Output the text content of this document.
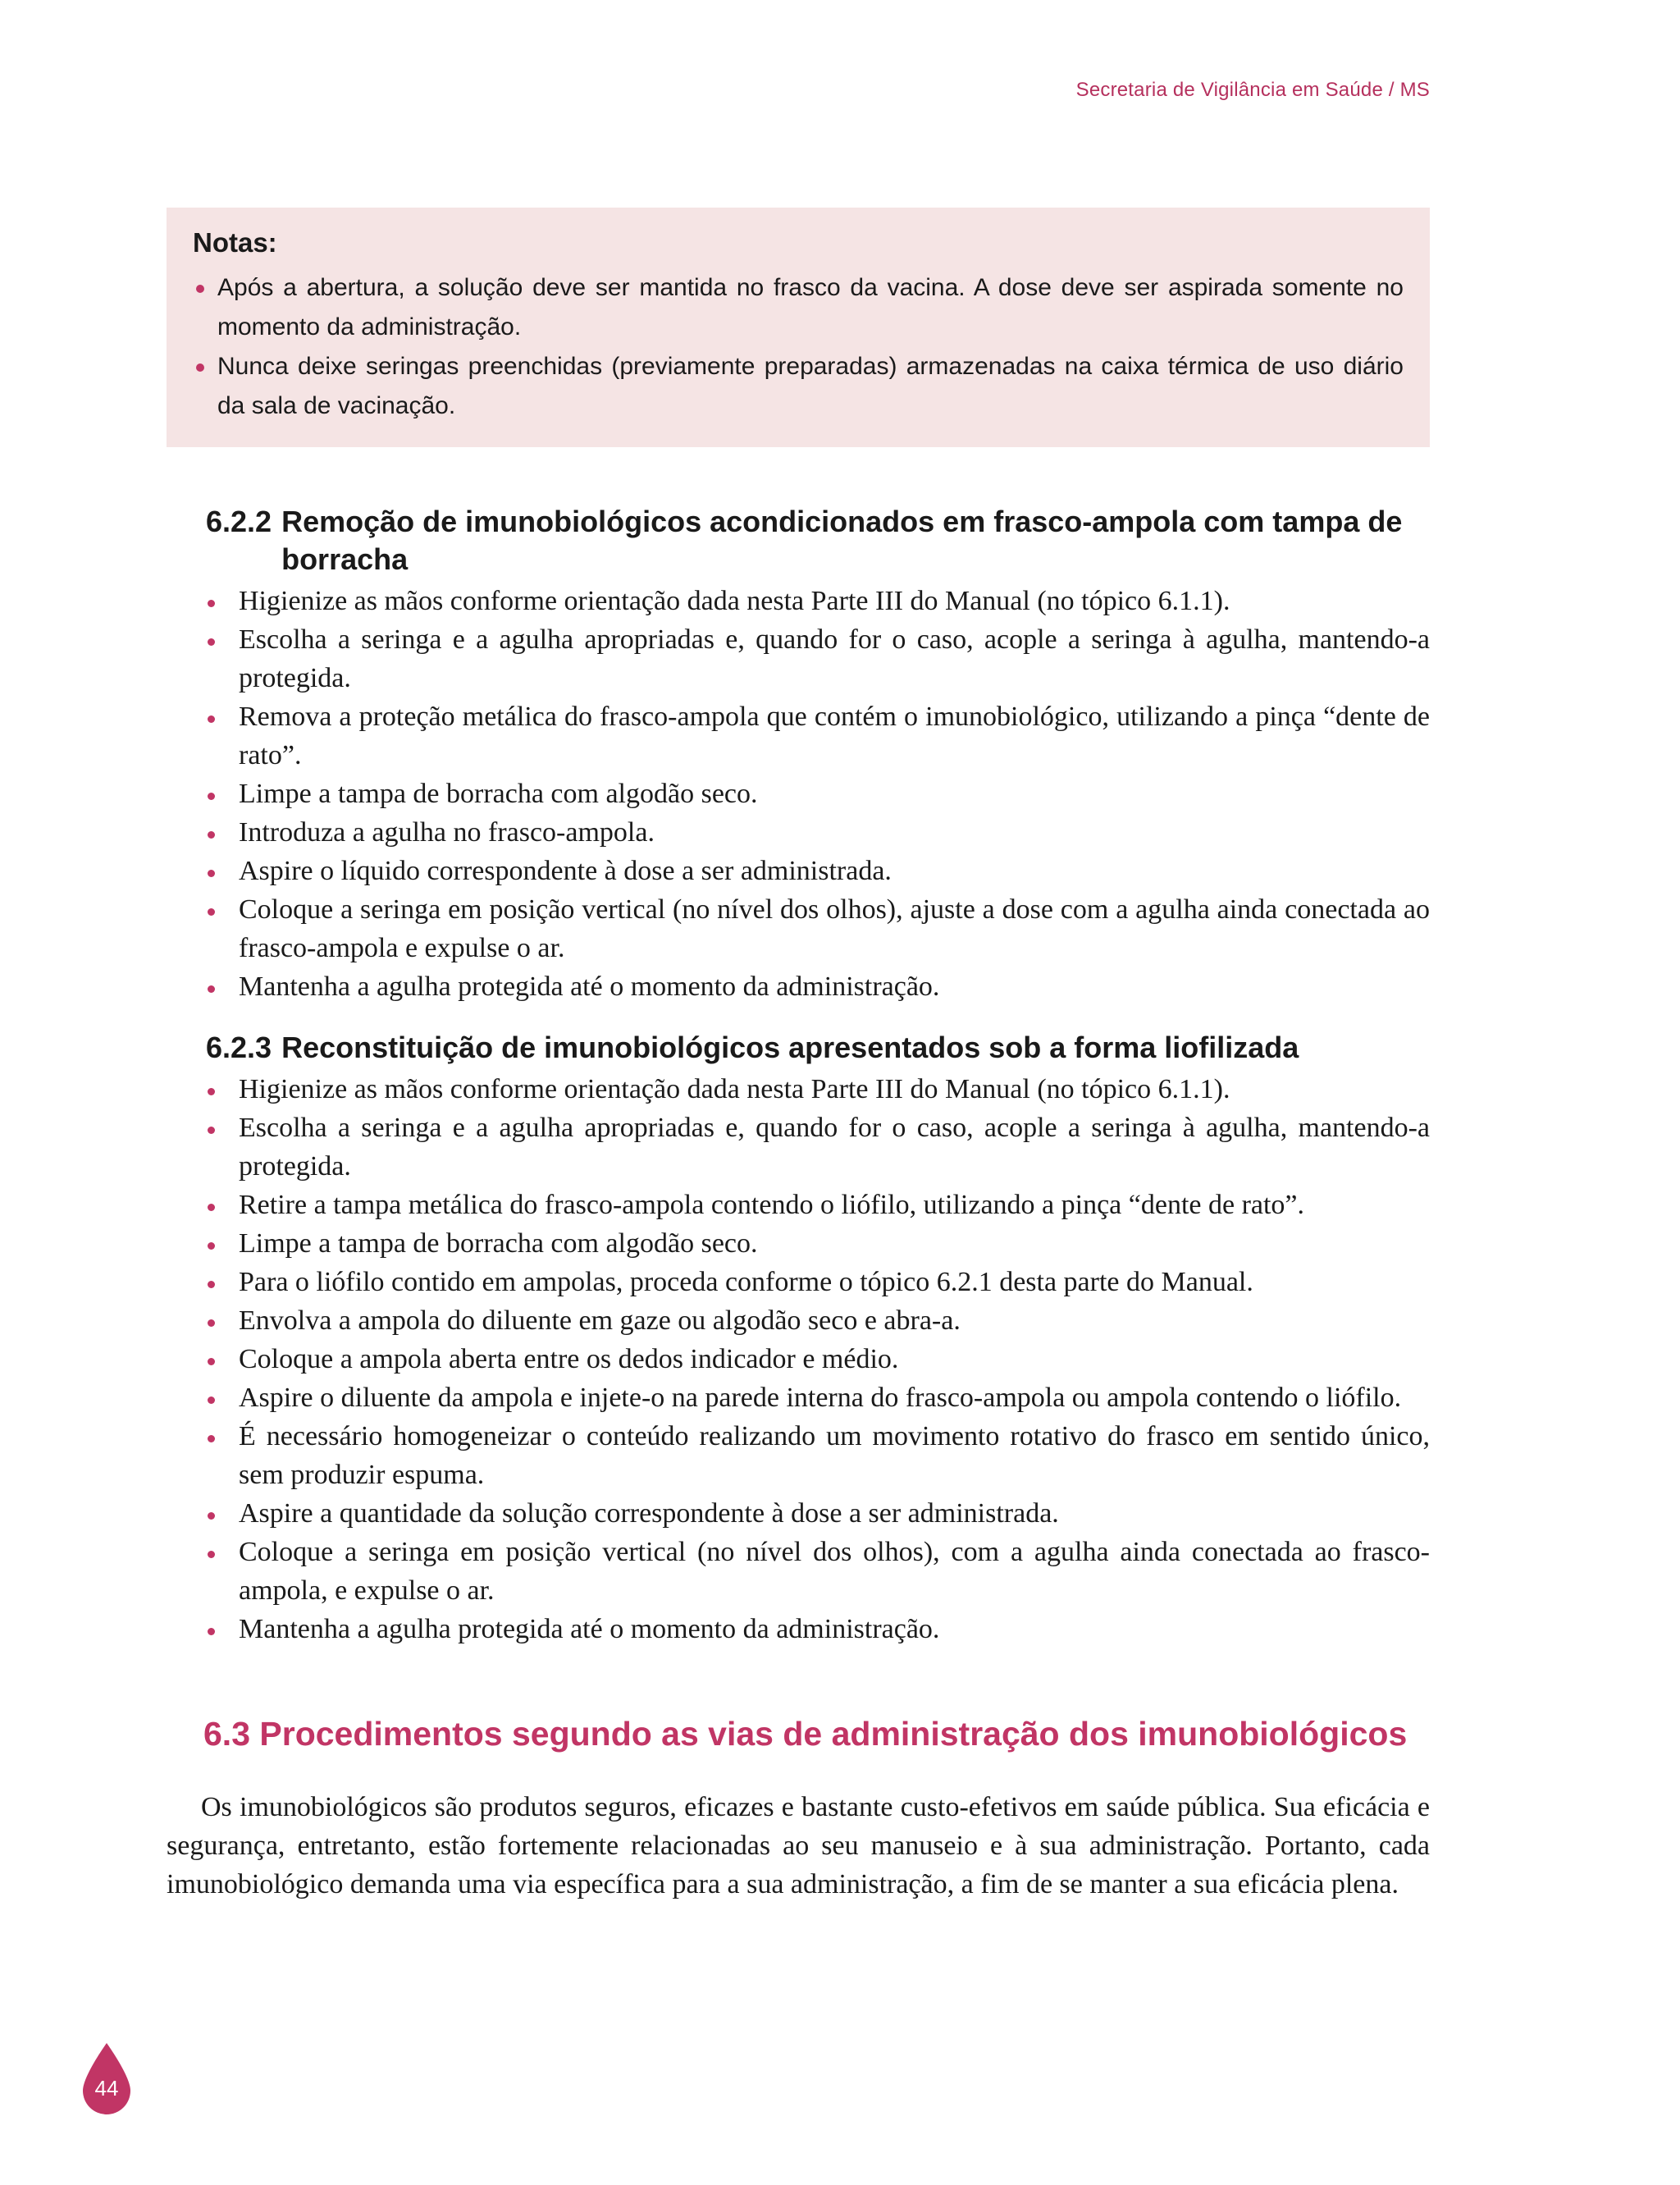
Secretaria de Vigilância em Saúde / MS
Notas:
Após a abertura, a solução deve ser mantida no frasco da vacina. A dose deve ser aspirada somente no momento da administração.
Nunca deixe seringas preenchidas (previamente preparadas) armazenadas na caixa térmica de uso diário da sala de vacinação.
6.2.2 Remoção de imunobiológicos acondicionados em frasco-ampola com tampa de borracha
Higienize as mãos conforme orientação dada nesta Parte III do Manual (no tópico 6.1.1).
Escolha a seringa e a agulha apropriadas e, quando for o caso, acople a seringa à agulha, mantendo-a protegida.
Remova a proteção metálica do frasco-ampola que contém o imunobiológico, utilizando a pinça “dente de rato”.
Limpe a tampa de borracha com algodão seco.
Introduza a agulha no frasco-ampola.
Aspire o líquido correspondente à dose a ser administrada.
Coloque a seringa em posição vertical (no nível dos olhos), ajuste a dose com a agulha ainda conectada ao frasco-ampola e expulse o ar.
Mantenha a agulha protegida até o momento da administração.
6.2.3 Reconstituição de imunobiológicos apresentados sob a forma liofilizada
Higienize as mãos conforme orientação dada nesta Parte III do Manual (no tópico 6.1.1).
Escolha a seringa e a agulha apropriadas e, quando for o caso, acople a seringa à agulha, mantendo-a protegida.
Retire a tampa metálica do frasco-ampola contendo o liófilo, utilizando a pinça “dente de rato”.
Limpe a tampa de borracha com algodão seco.
Para o liófilo contido em ampolas, proceda conforme o tópico 6.2.1 desta parte do Manual.
Envolva a ampola do diluente em gaze ou algodão seco e abra-a.
Coloque a ampola aberta entre os dedos indicador e médio.
Aspire o diluente da ampola e injete-o na parede interna do frasco-ampola ou ampola contendo o liófilo.
É necessário homogeneizar o conteúdo realizando um movimento rotativo do frasco em sentido único, sem produzir espuma.
Aspire a quantidade da solução correspondente à dose a ser administrada.
Coloque a seringa em posição vertical (no nível dos olhos), com a agulha ainda conectada ao frasco-ampola, e expulse o ar.
Mantenha a agulha protegida até o momento da administração.
6.3 Procedimentos segundo as vias de administração dos imunobiológicos

Os imunobiológicos são produtos seguros, eficazes e bastante custo-efetivos em saúde pública. Sua eficácia e segurança, entretanto, estão fortemente relacionadas ao seu manuseio e à sua administração. Portanto, cada imunobiológico demanda uma via específica para a sua administração, a fim de se manter a sua eficácia plena.

44
